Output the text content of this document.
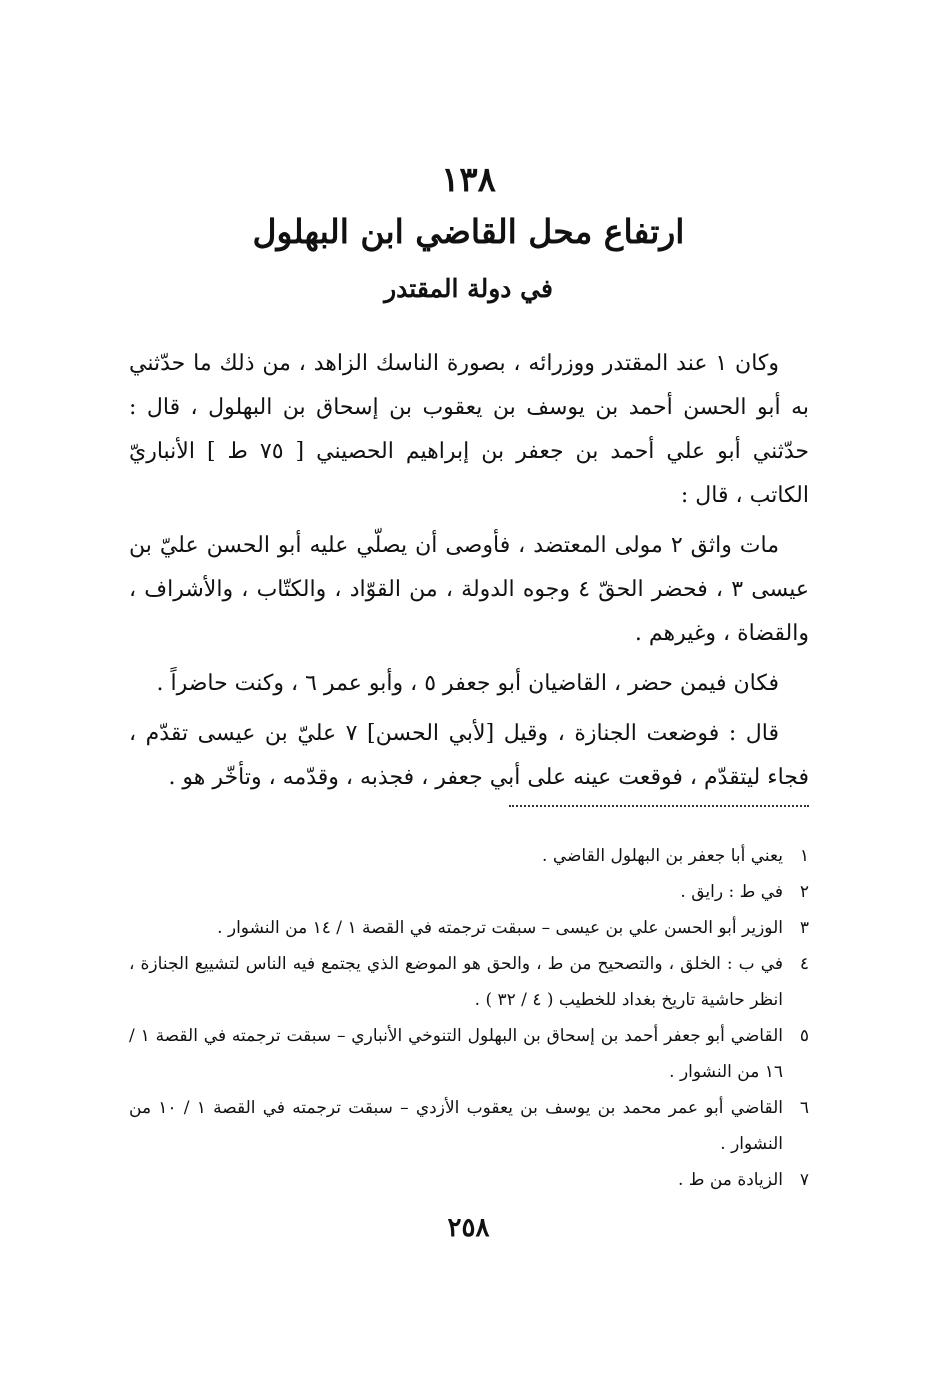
١٣٨
ارتفاع محل القاضي ابن البهلول
في دولة المقتدر

وكان ١ عند المقتدر ووزرائه ، بصورة الناسك الزاهد ، من ذلك ما حدّثني به أبو الحسن أحمد بن يوسف بن يعقوب بن إسحاق بن البهلول ، قال : حدّثني أبو علي أحمد بن جعفر بن إبراهيم الحصيني [ ٧٥ ط ] الأنباريّ الكاتب ، قال :

مات واثق ٢ مولى المعتضد ، فأوصى أن يصلّي عليه أبو الحسن عليّ بن عيسى ٣ ، فحضر الحقّ ٤ وجوه الدولة ، من القوّاد ، والكتّاب ، والأشراف ، والقضاة ، وغيرهم .

فكان فيمن حضر ، القاضيان أبو جعفر ٥ ، وأبو عمر ٦ ، وكنت حاضراً .

قال : فوضعت الجنازة ، وقيل [لأبي الحسن] ٧ عليّ بن عيسى تقدّم ، فجاء ليتقدّم ، فوقعت عينه على أبي جعفر ، فجذبه ، وقدّمه ، وتأخّر هو .

١
يعني أبا جعفر بن البهلول القاضي .
٢
في ط : رايق .
٣
الوزير أبو الحسن علي بن عيسى – سبقت ترجمته في القصة ١ / ١٤ من النشوار .
٤
في ب : الخلق ، والتصحيح من ط ، والحق هو الموضع الذي يجتمع فيه الناس لتشييع الجنازة ، انظر حاشية تاريخ بغداد للخطيب ( ٤ / ٣٢ ) .
٥
القاضي أبو جعفر أحمد بن إسحاق بن البهلول التنوخي الأنباري – سبقت ترجمته في القصة ١ / ١٦ من النشوار .
٦
القاضي أبو عمر محمد بن يوسف بن يعقوب الأزدي – سبقت ترجمته في القصة ١ / ١٠ من النشوار .
٧
الزيادة من ط .
٢٥٨
